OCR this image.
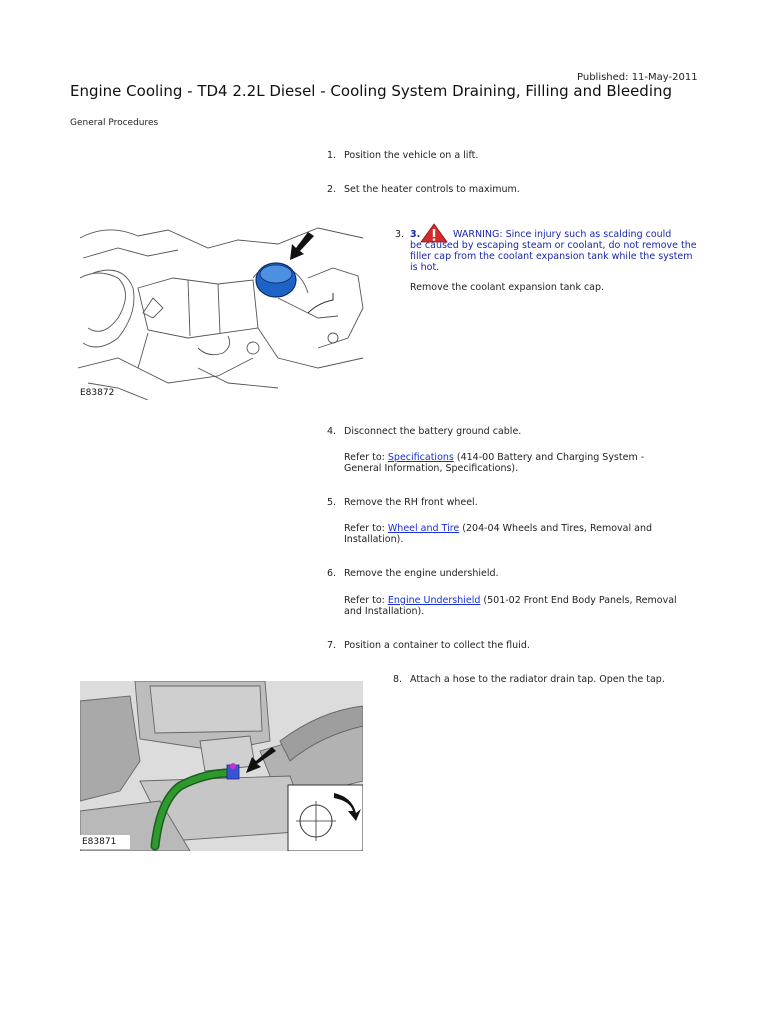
Published: 11-May-2011
Engine Cooling - TD4 2.2L Diesel - Cooling System Draining, Filling and Bleeding
General Procedures
1. Position the vehicle on a lift.
2. Set the heater controls to maximum.
E83872
3. 3.	WARNING: Since injury such as scalding could
be caused by escaping steam or coolant, do not remove the filler cap from the coolant expansion tank while the system is hot.
Remove the coolant expansion tank cap.
4. Disconnect the battery ground cable.
Refer to: Specifications (414-00 Battery and Charging System - General Information, Specifications).
5. Remove the RH front wheel.
Refer to: Wheel and Tire (204-04 Wheels and Tires, Removal and Installation).
6. Remove the engine undershield.
Refer to: Engine Undershield (501-02 Front End Body Panels, Removal and Installation).
7. Position a container to collect the fluid.
E83871
8. Attach a hose to the radiator drain tap. Open the tap.
